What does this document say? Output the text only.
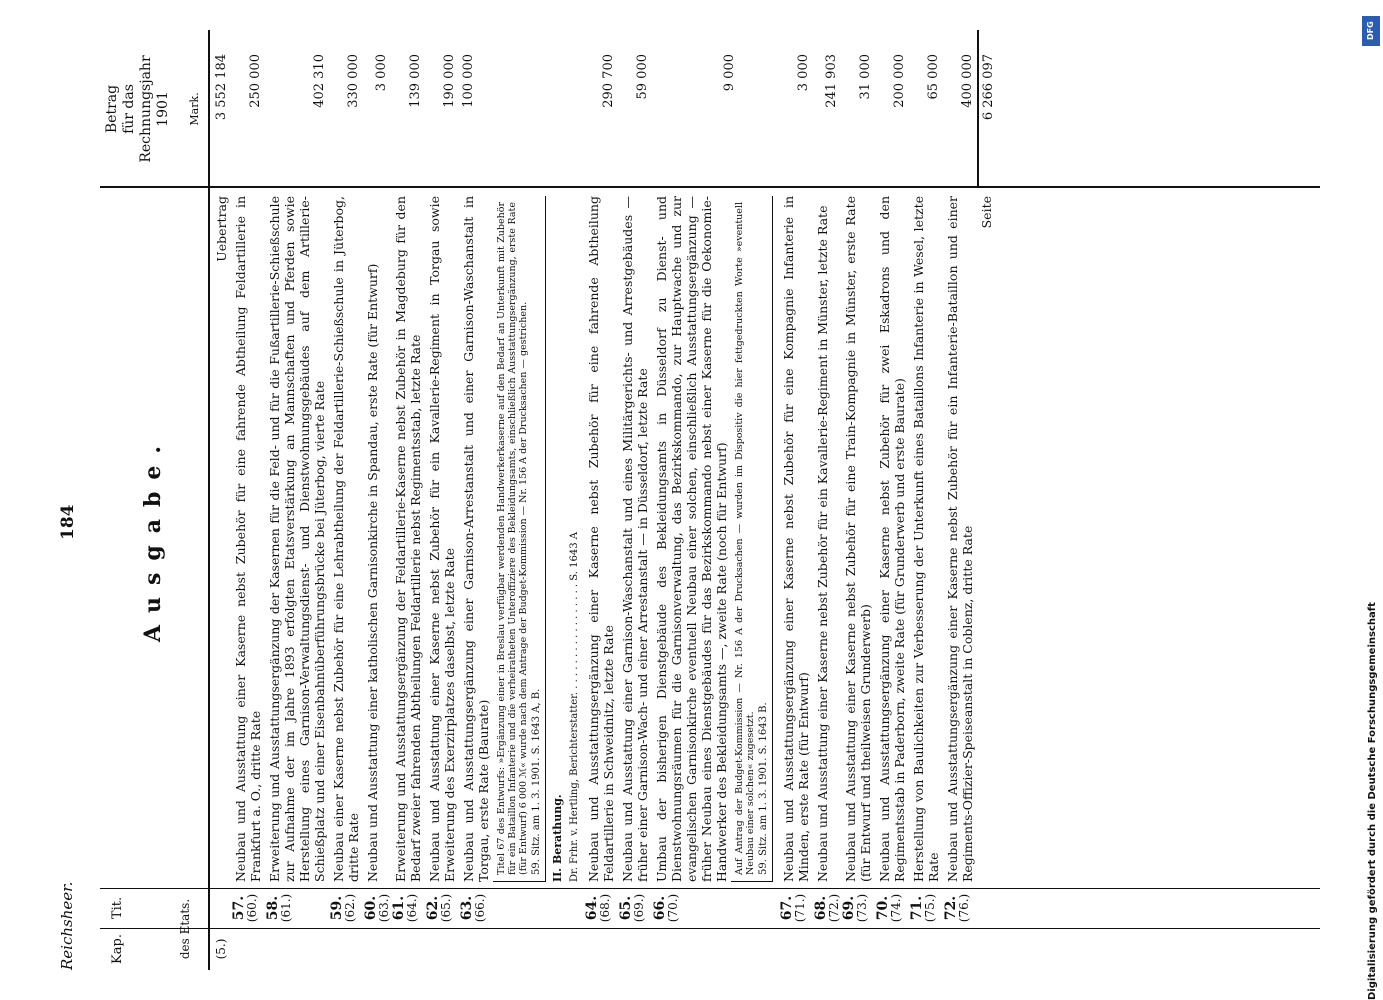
DFG
Digitalisierung gefördert durch die Deutsche Forschungsgemeinschaft
Reichsheer.
184
Kap.
Tit.	des Etats.
Ausgabe.
Betrag für das Rechnungsjahr 1901 Mark.
(5.)
Uebertrag
3 552 184
57.
(60.)
Neubau und Ausstattung einer Kaserne nebst Zubehör für eine fahrende Abtheilung Feldartillerie in Frankfurt a. O., dritte Rate
250 000
58.
(61.)
Erweiterung und Ausstattungsergänzung der Kasernen für die Feld- und für die Fußartillerie-Schießschule zur Aufnahme der im Jahre 1893 erfolgten Etatsverstärkung an Mannschaften und Pferden sowie Herstellung eines Garnison-Verwaltungsdienst- und Dienstwohnungsgebäudes auf dem Artillerie-Schießplatz und einer Eisenbahnüberführungsbrücke bei Jüterbog, vierte Rate
402 310
59.
(62.)
Neubau einer Kaserne nebst Zubehör für eine Lehrabtheilung der Feldartillerie-Schießschule in Jüterbog, dritte Rate
330 000
60.
(63.)
Neubau und Ausstattung einer katholischen Garnisonkirche in Spandau, erste Rate (für Entwurf)
3 000
61.
(64.)
Erweiterung und Ausstattungsergänzung der Feldartillerie-Kaserne nebst Zubehör in Magdeburg für den Bedarf zweier fahrenden Abtheilungen Feldartillerie nebst Regimentsstab, letzte Rate
139 000
62.
(65.)
Neubau und Ausstattung einer Kaserne nebst Zubehör für ein Kavallerie-Regiment in Torgau sowie Erweiterung des Exerzirplatzes daselbst, letzte Rate
190 000
63.
(66.)
Neubau und Ausstattungsergänzung einer Garnison-Arrestanstalt und einer Garnison-Waschanstalt in Torgau, erste Rate (Baurate) Titel 67 des Entwurfs: »Ergänzung einer in Breslau verfügbar werdenden Handwerkerkaserne auf den Bedarf an Unterkunft mit Zubehör für ein Bataillon Infanterie und die verheiratheten Unteroffiziere des Bekleidungsamts, einschließlich Ausstattungsergänzung, erste Rate (für Entwurf) 6 000 ℳ« wurde nach dem Antrage der Budget-Kommission — Nr. 156 A der Drucksachen — gestrichen. 59. Sitz. am 1. 3. 1901. S. 1643 A, B. II. Berathung. Dr. Frhr. v. Hertling, Berichterstatter. . . . . . . . . . . . . . . . . . S. 1643 A
100 000
64.
(68.)
Neubau und Ausstattungsergänzung einer Kaserne nebst Zubehör für eine fahrende Abtheilung Feldartillerie in Schweidnitz, letzte Rate
290 700
65.
(69.)
Neubau und Ausstattung einer Garnison-Waschanstalt und eines Militärgerichts- und Arrestgebäudes — früher einer Garnison-Wach- und einer Arrestanstalt — in Düsseldorf, letzte Rate
59 000
66.
(70.)
Umbau der bisherigen Dienstgebäude des Bekleidungsamts in Düsseldorf zu Dienst- und Dienstwohnungsräumen für die Garnisonverwaltung, das Bezirkskommando, zur Hauptwache und zur evangelischen Garnisonkirche eventuell Neubau einer solchen, einschließlich Ausstattungsergänzung — früher Neubau eines Dienstgebäudes für das Bezirkskommando nebst einer Kaserne für die Oekonomie-Handwerker des Bekleidungsamts —, zweite Rate (noch für Entwurf) Auf Antrag der Budget-Kommission — Nr. 156 A der Drucksachen — wurden im Dispositiv die hier fettgedruckten Worte »eventuell Neubau einer solchen« zugesetzt. 59. Sitz. am 1. 3. 1901. S. 1643 B.
9 000
67.
(71.)
Neubau und Ausstattungsergänzung einer Kaserne nebst Zubehör für eine Kompagnie Infanterie in Minden, erste Rate (für Entwurf)
3 000
68.
(72.)
Neubau und Ausstattung einer Kaserne nebst Zubehör für ein Kavallerie-Regiment in Münster, letzte Rate
241 903
69.
(73.)
Neubau und Ausstattung einer Kaserne nebst Zubehör für eine Train-Kompagnie in Münster, erste Rate (für Entwurf und theilweisen Grunderwerb)
31 000
70.
(74.)
Neubau und Ausstattungsergänzung einer Kaserne nebst Zubehör für zwei Eskadrons und den Regimentsstab in Paderborn, zweite Rate (für Grunderwerb und erste Baurate)
200 000
71.
(75.)
Herstellung von Baulichkeiten zur Verbesserung der Unterkunft eines Bataillons Infanterie in Wesel, letzte Rate
65 000
72.
(76.)
Neubau und Ausstattungsergänzung einer Kaserne nebst Zubehör für ein Infanterie-Bataillon und einer Regiments-Offizier-Speiseanstalt in Coblenz, dritte Rate
400 000
Seite
6 266 097
